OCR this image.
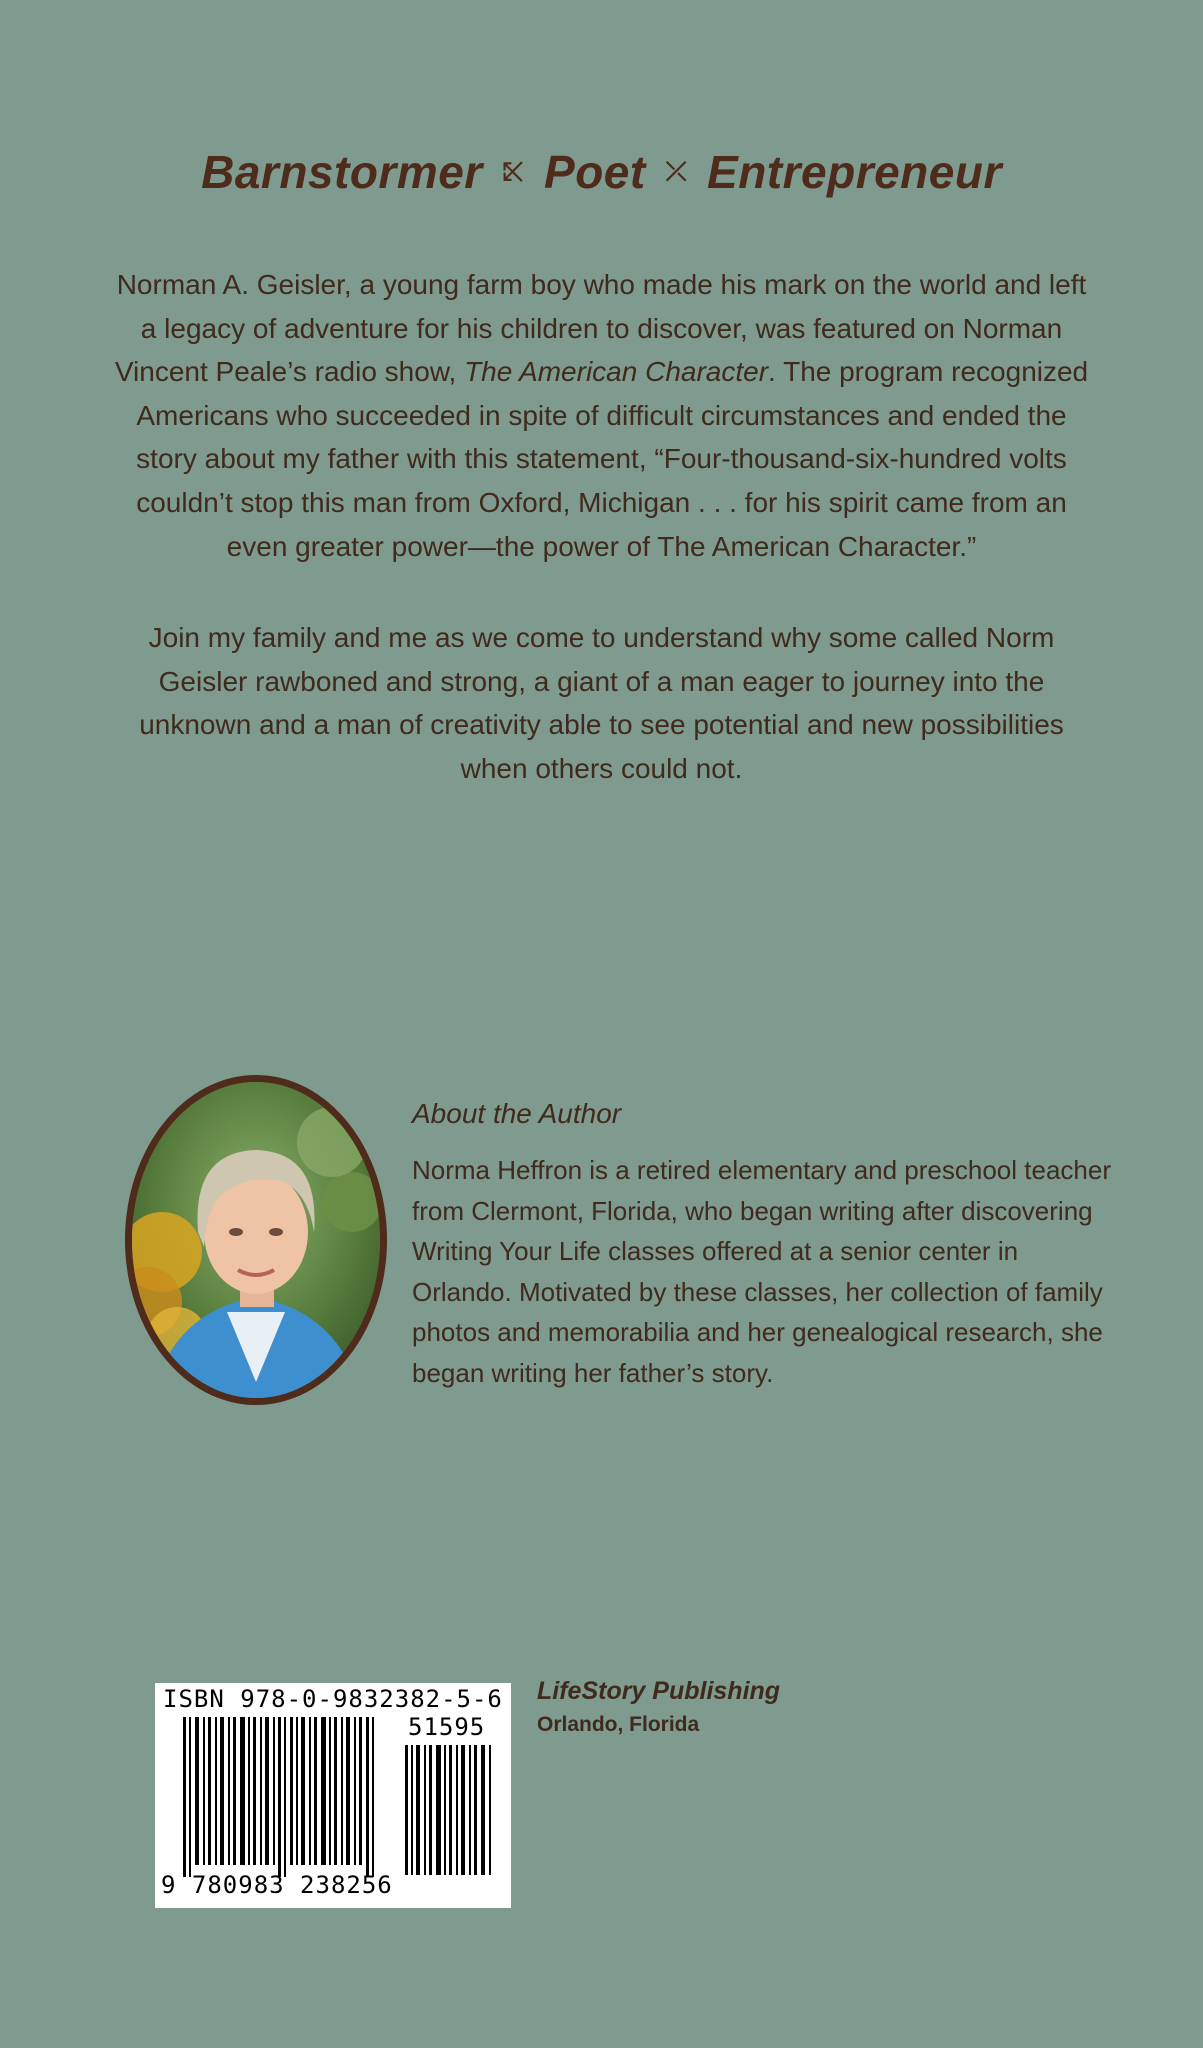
Barnstormer ⤪ Poet ⤫ Entrepreneur
Norman A. Geisler, a young farm boy who made his mark on the world and left a legacy of adventure for his children to discover, was featured on Norman Vincent Peale’s radio show, The American Character. The program recognized Americans who succeeded in spite of difficult circumstances and ended the story about my father with this statement, “Four-thousand-six-hundred volts couldn’t stop this man from Oxford, Michigan . . . for his spirit came from an even greater power—the power of The American Character.”
Join my family and me as we come to understand why some called Norm Geisler rawboned and strong, a giant of a man eager to journey into the unknown and a man of creativity able to see potential and new possibilities when others could not.
About the Author
Norma Heffron is a retired elementary and preschool teacher from Clermont, Florida, who began writing after discovering Writing Your Life classes offered at a senior center in Orlando. Motivated by these classes, her collection of family photos and memorabilia and her genealogical research, she began writing her father’s story.
ISBN 978-0-9832382-5-6
51595
9 780983 238256
LifeStory Publishing
Orlando, Florida
